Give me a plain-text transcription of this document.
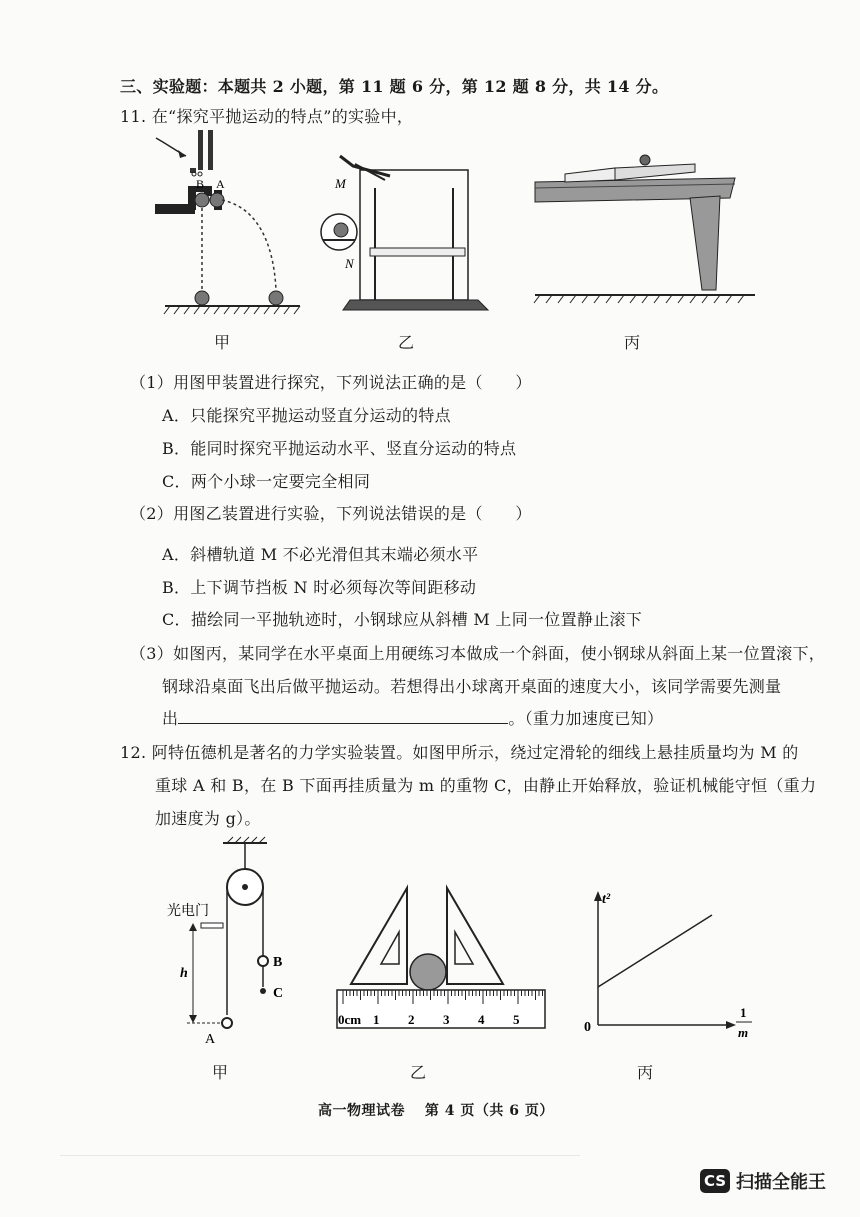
三、实验题：本题共 2 小题，第 11 题 6 分，第 12 题 8 分，共 14 分。
11. 在“探究平抛运动的特点”的实验中，
B A	M
N
甲	乙	丙
（1）用图甲装置进行探究，下列说法正确的是（　　）
A．只能探究平抛运动竖直分运动的特点
B．能同时探究平抛运动水平、竖直分运动的特点
C．两个小球一定要完全相同
（2）用图乙装置进行实验，下列说法错误的是（　　）
A．斜槽轨道 M 不必光滑但其末端必须水平
B．上下调节挡板 N 时必须每次等间距移动
C．描绘同一平抛轨迹时，小钢球应从斜槽 M 上同一位置静止滚下
（3）如图丙，某同学在水平桌面上用硬练习本做成一个斜面，使小钢球从斜面上某一位置滚下，
钢球沿桌面飞出后做平抛运动。若想得出小球离开桌面的速度大小，该同学需要先测量
出	。（重力加速度已知）
12. 阿特伍德机是著名的力学实验装置。如图甲所示，绕过定滑轮的细线上悬挂质量均为 M 的
重球 A 和 B，在 B 下面再挂质量为 m 的重物 C，由静止开始释放，验证机械能守恒（重力
加速度为 g）。
光电门
h
A
B
C
0cm 1 2 3 4 5
t²
0
1
m
甲	乙	丙
高一物理试卷　 第 4 页（共 6 页）
CS 扫描全能王
